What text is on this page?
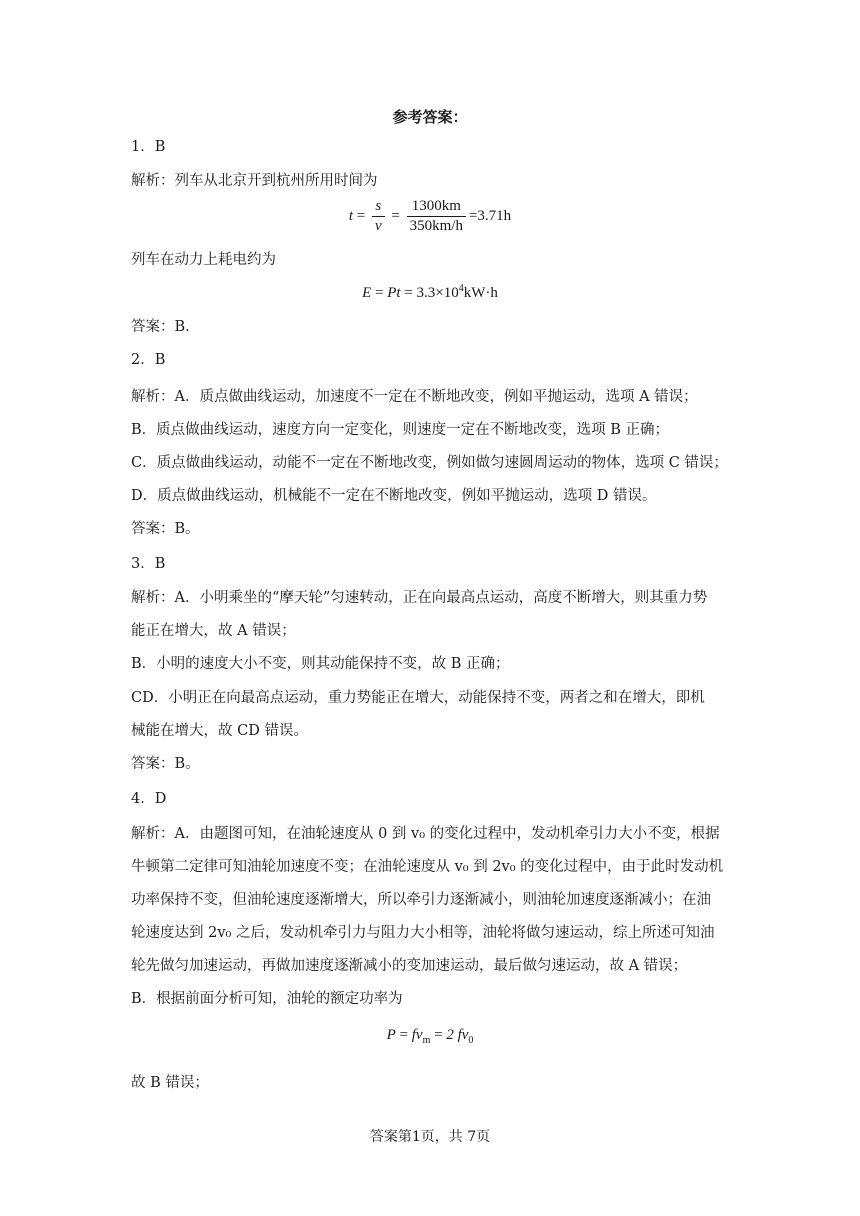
参考答案：
1．B
解析：列车从北京开到杭州所用时间为
$t = \frac{s}{v} = \frac{1300km}{350km/h} =3.71h$
列车在动力上耗电约为
$E = Pt = 3.3\times 10^4kW\cdot h$
答案：B．
2．B
解析：A．质点做曲线运动，加速度不一定在不断地改变，例如平抛运动，选项 A 错误；
B．质点做曲线运动，速度方向一定变化，则速度一定在不断地改变，选项 B 正确；
C．质点做曲线运动，动能不一定在不断地改变，例如做匀速圆周运动的物体，选项 C 错误；
D．质点做曲线运动，机械能不一定在不断地改变，例如平抛运动，选项 D 错误。
答案：B。
3．B
解析：A．小明乘坐的“摩天轮”匀速转动，正在向最高点运动，高度不断增大，则其重力势
能正在增大，故 A 错误；
B．小明的速度大小不变，则其动能保持不变，故 B 正确；
CD．小明正在向最高点运动，重力势能正在增大，动能保持不变，两者之和在增大，即机
械能在增大，故 CD 错误。
答案：B。
4．D
解析：A．由题图可知，在油轮速度从 0 到 v₀ 的变化过程中，发动机牵引力大小不变，根据
牛顿第二定律可知油轮加速度不变；在油轮速度从 v₀ 到 2v₀ 的变化过程中，由于此时发动机
功率保持不变，但油轮速度逐渐增大，所以牵引力逐渐减小，则油轮加速度逐渐减小；在油
轮速度达到 2v₀ 之后，发动机牵引力与阻力大小相等，油轮将做匀速运动，综上所述可知油
轮先做匀加速运动，再做加速度逐渐减小的变加速运动，最后做匀速运动，故 A 错误；
B．根据前面分析可知，油轮的额定功率为
$P = fv_m = 2$ $fv_0$
故 B 错误；
答案第1页，共 7页
